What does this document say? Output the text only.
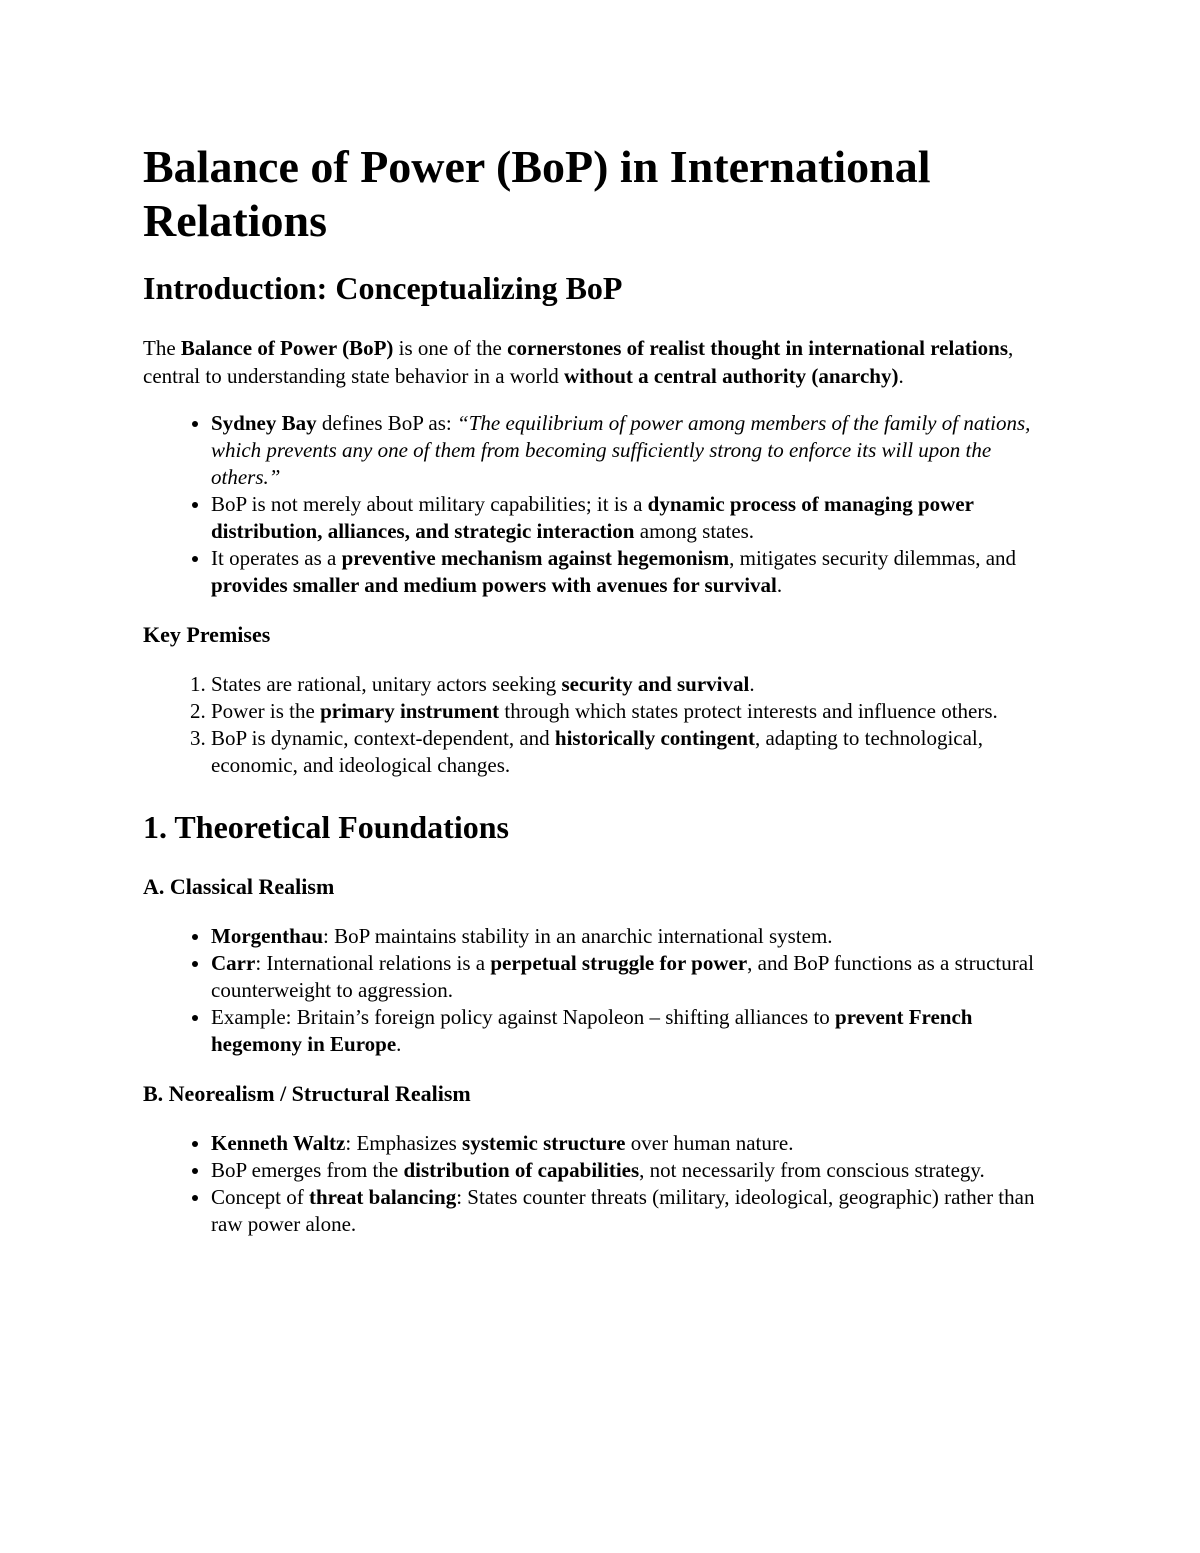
Balance of Power (BoP) in International Relations
Introduction: Conceptualizing BoP

The Balance of Power (BoP) is one of the cornerstones of realist thought in international relations, central to understanding state behavior in a world without a central authority (anarchy).

• Sydney Bay defines BoP as: “The equilibrium of power among members of the family of nations, which prevents any one of them from becoming sufficiently strong to enforce its will upon the others.”
• BoP is not merely about military capabilities; it is a dynamic process of managing power distribution, alliances, and strategic interaction among states.
• It operates as a preventive mechanism against hegemonism, mitigates security dilemmas, and provides smaller and medium powers with avenues for survival.
Key Premises
1. States are rational, unitary actors seeking security and survival.
2. Power is the primary instrument through which states protect interests and influence others.
3. BoP is dynamic, context-dependent, and historically contingent, adapting to technological, economic, and ideological changes.
1. Theoretical Foundations
A. Classical Realism
• Morgenthau: BoP maintains stability in an anarchic international system.
• Carr: International relations is a perpetual struggle for power, and BoP functions as a structural counterweight to aggression.
• Example: Britain’s foreign policy against Napoleon – shifting alliances to prevent French hegemony in Europe.
B. Neorealism / Structural Realism
• Kenneth Waltz: Emphasizes systemic structure over human nature.
• BoP emerges from the distribution of capabilities, not necessarily from conscious strategy.
• Concept of threat balancing: States counter threats (military, ideological, geographic) rather than raw power alone.
